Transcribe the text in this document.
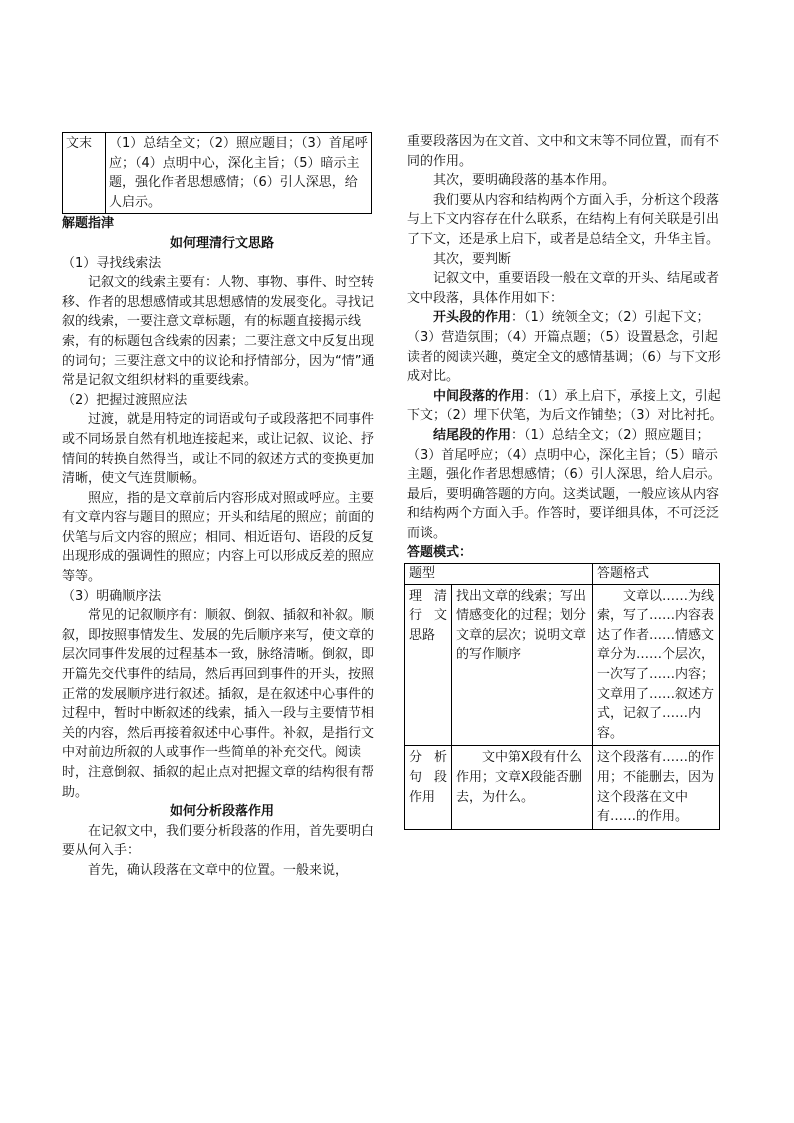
文末	（1）总结全文；（2）照应题目；（3）首尾呼应；（4）点明中心，深化主旨；（5）暗示主题，强化作者思想感情；（6）引人深思，给人启示。

解题指津

如何理清行文思路

（1）寻找线索法

记叙文的线索主要有：人物、事物、事件、时空转移、作者的思想感情或其思想感情的发展变化。寻找记叙的线索，一要注意文章标题，有的标题直接揭示线索，有的标题包含线索的因素；二要注意文中反复出现的词句；三要注意文中的议论和抒情部分，因为“情”通常是记叙文组织材料的重要线索。

（2）把握过渡照应法

过渡，就是用特定的词语或句子或段落把不同事件或不同场景自然有机地连接起来，或让记叙、议论、抒情间的转换自然得当，或让不同的叙述方式的变换更加清晰，使文气连贯顺畅。

照应，指的是文章前后内容形成对照或呼应。主要有文章内容与题目的照应；开头和结尾的照应；前面的伏笔与后文内容的照应；相同、相近语句、语段的反复出现形成的强调性的照应；内容上可以形成反差的照应等等。

（3）明确顺序法

常见的记叙顺序有：顺叙、倒叙、插叙和补叙。顺叙，即按照事情发生、发展的先后顺序来写，使文章的层次同事件发展的过程基本一致，脉络清晰。倒叙，即开篇先交代事件的结局，然后再回到事件的开头，按照正常的发展顺序进行叙述。插叙，是在叙述中心事件的过程中，暂时中断叙述的线索，插入一段与主要情节相关的内容，然后再接着叙述中心事件。补叙，是指行文中对前边所叙的人或事作一些简单的补充交代。阅读时，注意倒叙、插叙的起止点对把握文章的结构很有帮助。

如何分析段落作用

在记叙文中，我们要分析段落的作用，首先要明白要从何入手：

首先，确认段落在文章中的位置。一般来说，

重要段落因为在文首、文中和文末等不同位置，而有不同的作用。

其次，要明确段落的基本作用。

我们要从内容和结构两个方面入手，分析这个段落与上下文内容存在什么联系，在结构上有何关联是引出了下文，还是承上启下，或者是总结全文，升华主旨。

其次，要判断

记叙文中，重要语段一般在文章的开头、结尾或者文中段落，具体作用如下：

开头段的作用：（1）统领全文；（2）引起下文；（3）营造氛围；（4）开篇点题；（5）设置悬念，引起读者的阅读兴趣，奠定全文的感情基调；（6）与下文形成对比。

中间段落的作用：（1）承上启下，承接上文，引起下文；（2）埋下伏笔，为后文作铺垫；（3）对比衬托。

结尾段的作用：（1）总结全文；（2）照应题目；（3）首尾呼应；（4）点明中心，深化主旨；（5）暗示主题，强化作者思想感情；（6）引人深思，给人启示。

最后，要明确答题的方向。这类试题，一般应该从内容和结构两个方面入手。作答时，要详细具体，不可泛泛而谈。

答题模式：

题型		答题格式
理清行文思路	找出文章的线索；写出情感变化的过程；划分文章的层次；说明文章的写作顺序	文章以……为线索，写了……内容表达了作者……情感文章分为……个层次，一次写了……内容；文章用了……叙述方式，记叙了……内容。
分析句段作用	文中第X段有什么作用；文章X段能否删去，为什么。	这个段落有……的作用；不能删去，因为这个段落在文中有……的作用。
